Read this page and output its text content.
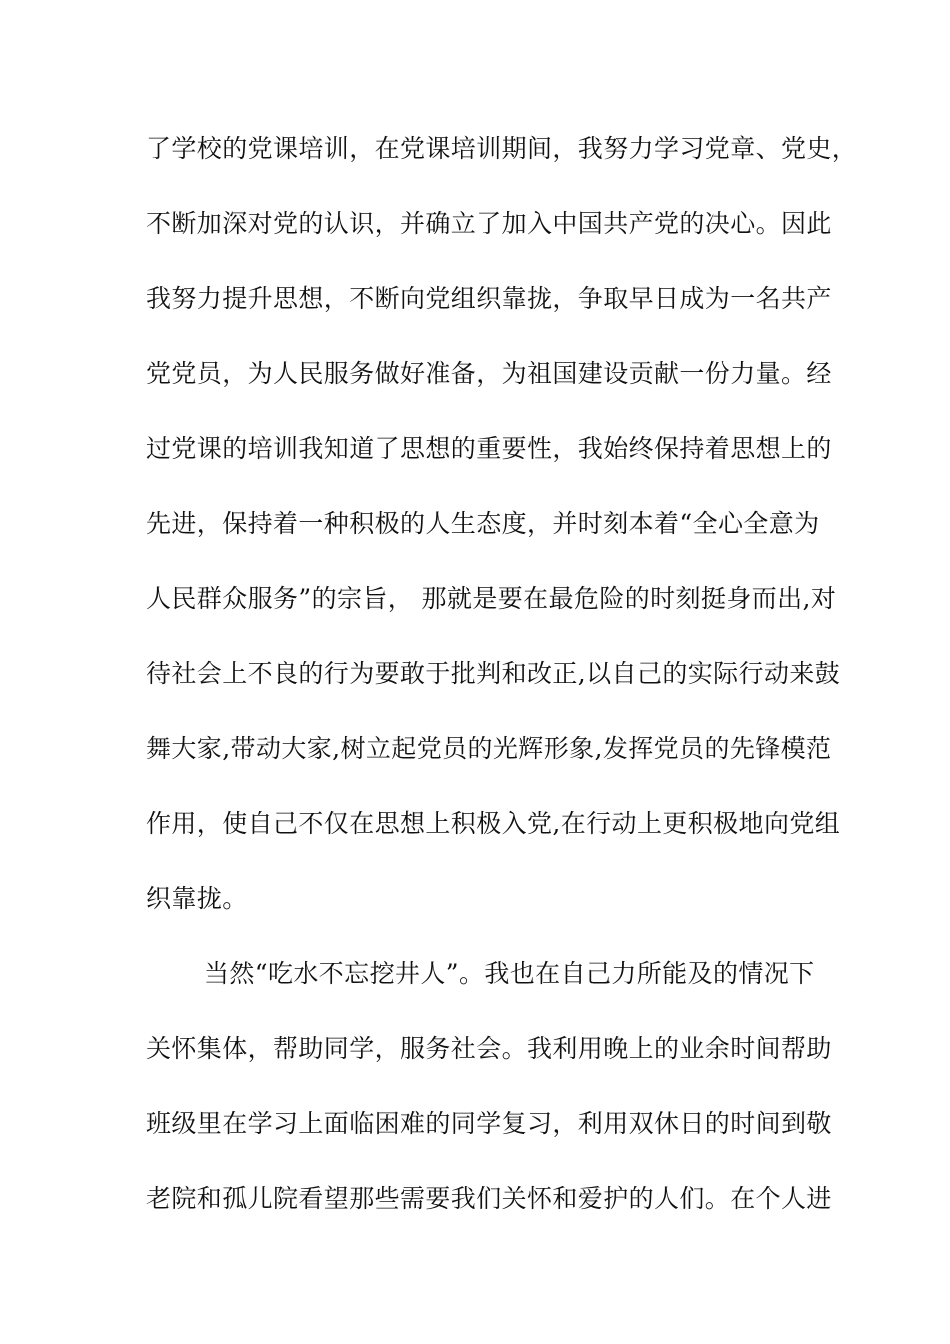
了学校的党课培训，在党课培训期间，我努力学习党章、党史，
不断加深对党的认识，并确立了加入中国共产党的决心。因此
我努力提升思想，不断向党组织靠拢，争取早日成为一名共产
党党员，为人民服务做好准备，为祖国建设贡献一份力量。经
过党课的培训我知道了思想的重要性，我始终保持着思想上的
先进，保持着一种积极的人生态度，并时刻本着“全心全意为
人民群众服务”的宗旨， 那就是要在最危险的时刻挺身而出,对
待社会上不良的行为要敢于批判和改正,以自己的实际行动来鼓
舞大家,带动大家,树立起党员的光辉形象,发挥党员的先锋模范
作用，使自己不仅在思想上积极入党,在行动上更积极地向党组
织靠拢。
当然“吃水不忘挖井人”。我也在自己力所能及的情况下
关怀集体，帮助同学，服务社会。我利用晚上的业余时间帮助
班级里在学习上面临困难的同学复习，利用双休日的时间到敬
老院和孤儿院看望那些需要我们关怀和爱护的人们。在个人进
